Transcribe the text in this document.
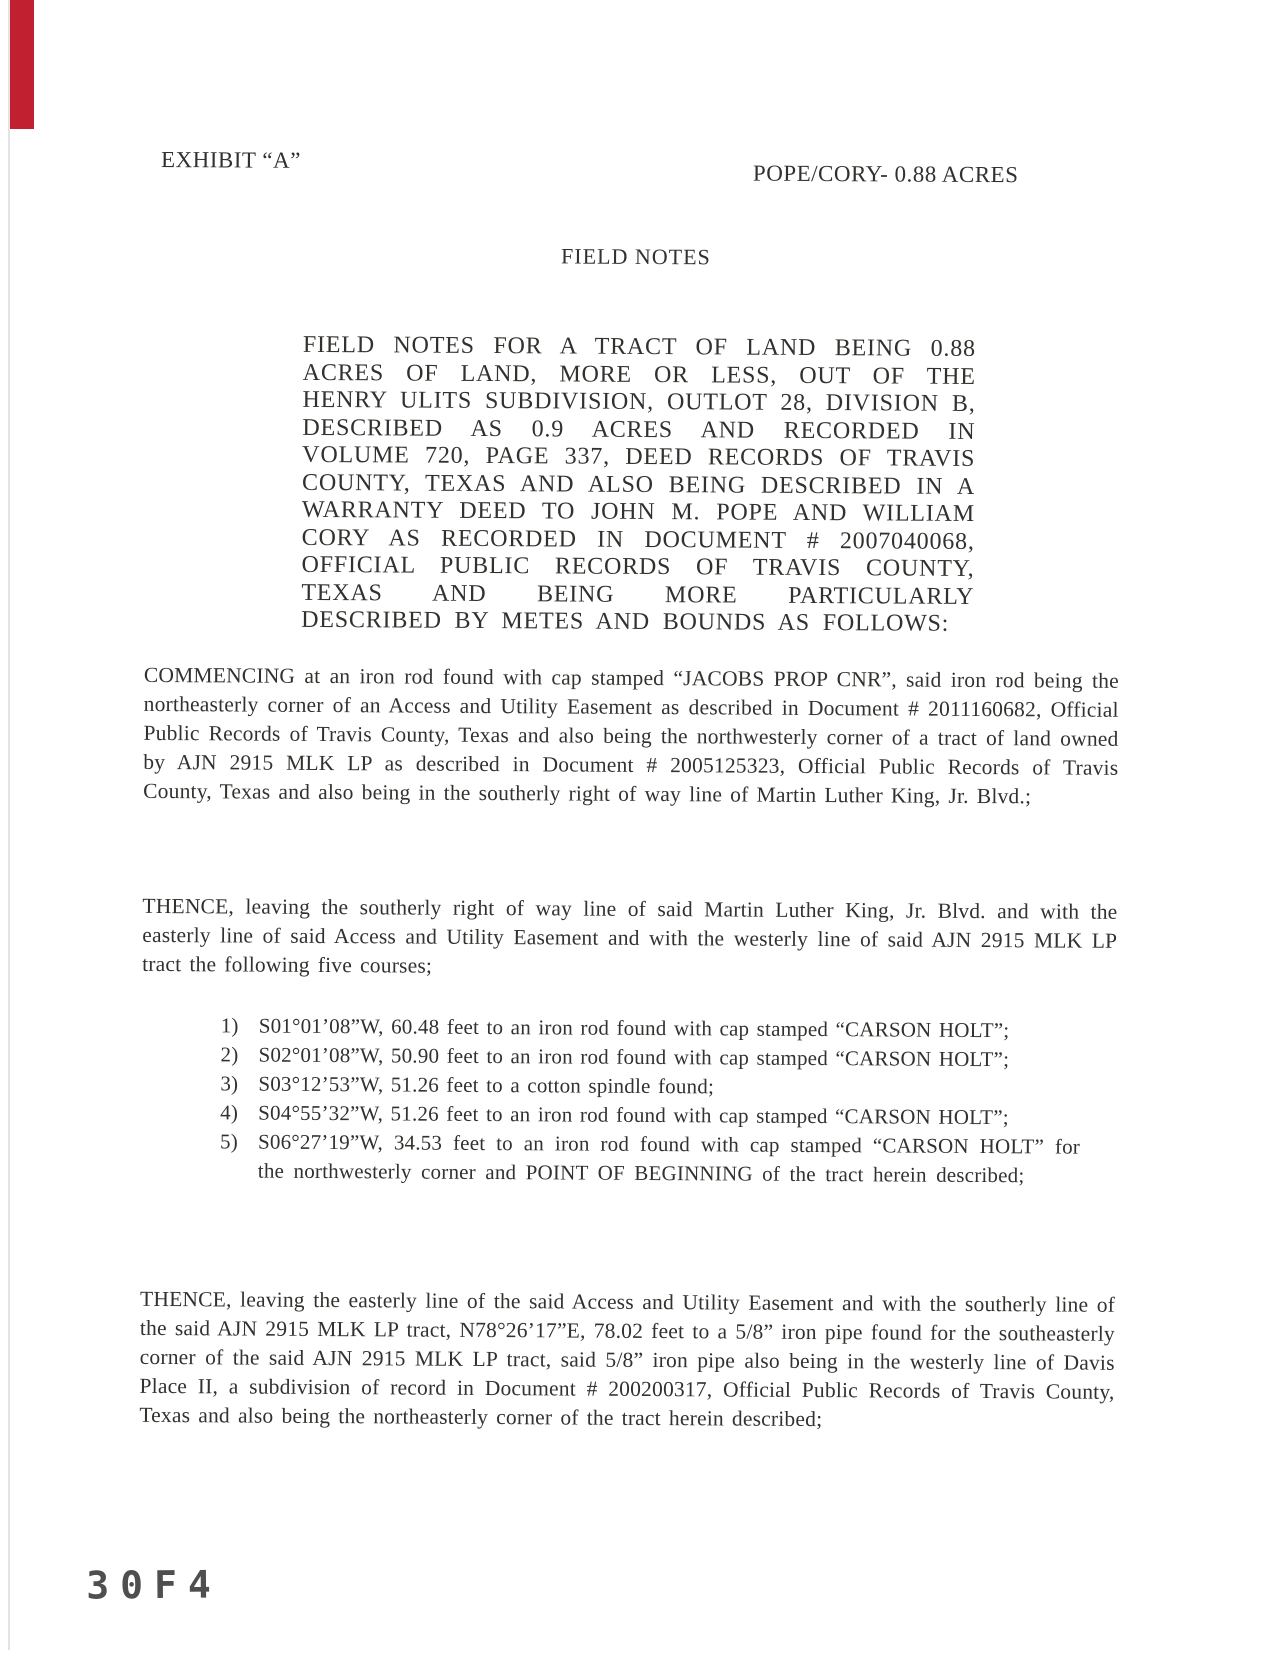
EXHIBIT “A”
POPE/CORY- 0.88 ACRES
FIELD NOTES
FIELD NOTES FOR A TRACT OF LAND BEING 0.88 ACRES OF LAND, MORE OR LESS, OUT OF THE HENRY ULITS SUBDIVISION, OUTLOT 28, DIVISION B, DESCRIBED AS 0.9 ACRES AND RECORDED IN VOLUME 720, PAGE 337, DEED RECORDS OF TRAVIS COUNTY, TEXAS AND ALSO BEING DESCRIBED IN A WARRANTY DEED TO JOHN M. POPE AND WILLIAM CORY AS RECORDED IN DOCUMENT # 2007040068, OFFICIAL PUBLIC RECORDS OF TRAVIS COUNTY, TEXAS AND BEING MORE PARTICULARLY DESCRIBED BY METES AND BOUNDS AS FOLLOWS:
COMMENCING at an iron rod found with cap stamped “JACOBS PROP CNR”, said iron rod being the northeasterly corner of an Access and Utility Easement as described in Document # 2011160682, Official Public Records of Travis County, Texas and also being the northwesterly corner of a tract of land owned by AJN 2915 MLK LP as described in Document # 2005125323, Official Public Records of Travis County, Texas and also being in the southerly right of way line of Martin Luther King, Jr. Blvd.;
THENCE, leaving the southerly right of way line of said Martin Luther King, Jr. Blvd. and with the easterly line of said Access and Utility Easement and with the westerly line of said AJN 2915 MLK LP tract the following five courses;
1) S01°01’08”W, 60.48 feet to an iron rod found with cap stamped “CARSON HOLT”;
2) S02°01’08”W, 50.90 feet to an iron rod found with cap stamped “CARSON HOLT”;
3) S03°12’53”W, 51.26 feet to a cotton spindle found;
4) S04°55’32”W, 51.26 feet to an iron rod found with cap stamped “CARSON HOLT”;
5) S06°27’19”W, 34.53 feet to an iron rod found with cap stamped “CARSON HOLT” for the northwesterly corner and POINT OF BEGINNING of the tract herein described;
THENCE, leaving the easterly line of the said Access and Utility Easement and with the southerly line of the said AJN 2915 MLK LP tract, N78°26’17”E, 78.02 feet to a 5/8” iron pipe found for the southeasterly corner of the said AJN 2915 MLK LP tract, said 5/8” iron pipe also being in the westerly line of Davis Place II, a subdivision of record in Document # 200200317, Official Public Records of Travis County, Texas and also being the northeasterly corner of the tract herein described;
30F4
